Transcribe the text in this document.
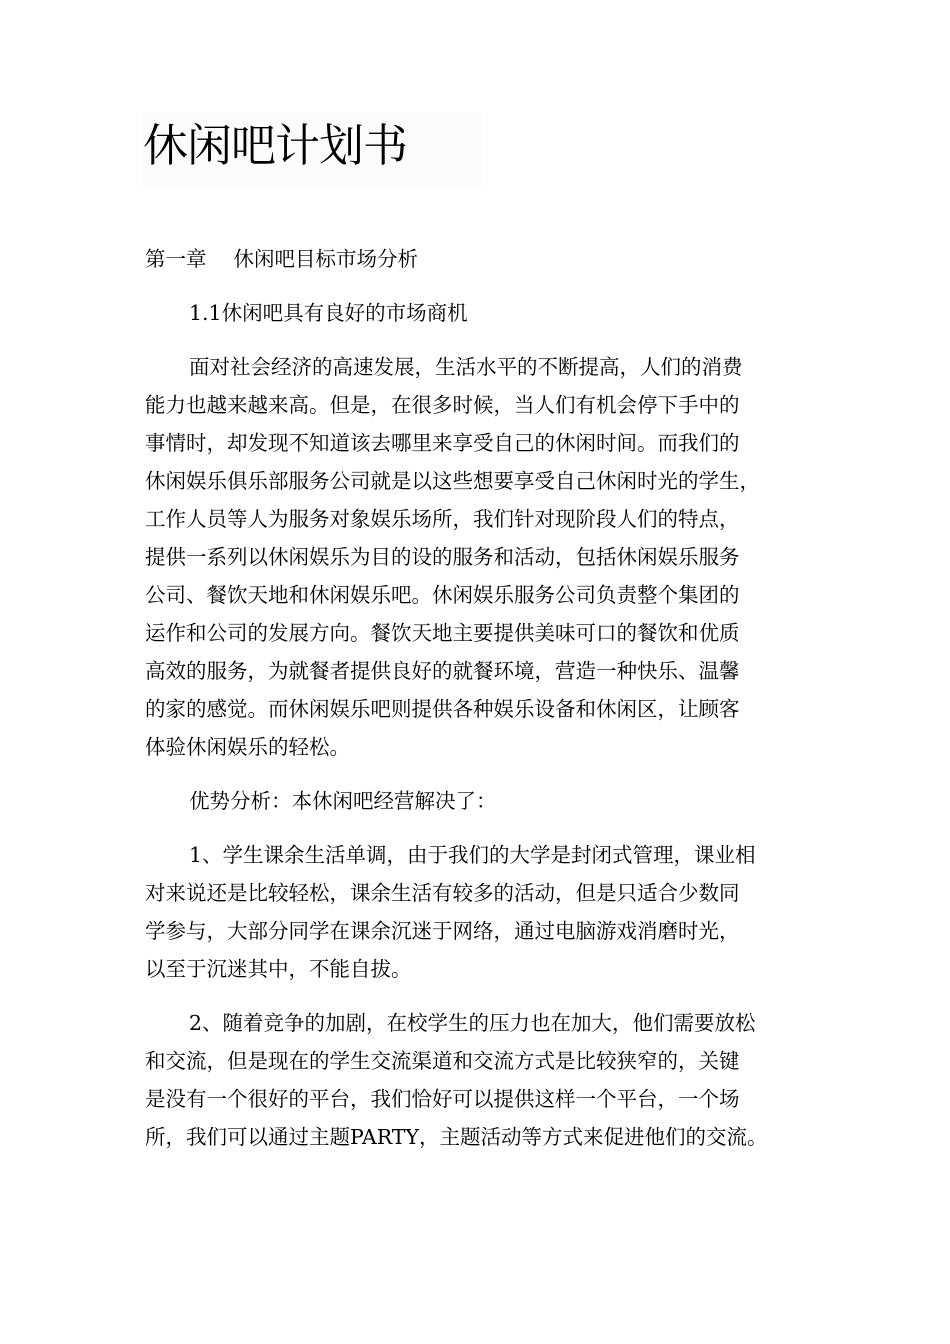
休闲吧计划书

第一章　 休闲吧目标市场分析

1.1休闲吧具有良好的市场商机

面对社会经济的高速发展，生活水平的不断提高，人们的消费
能力也越来越来高。但是，在很多时候，当人们有机会停下手中的
事情时，却发现不知道该去哪里来享受自己的休闲时间。而我们的
休闲娱乐俱乐部服务公司就是以这些想要享受自己休闲时光的学生，
工作人员等人为服务对象娱乐场所，我们针对现阶段人们的特点，
提供一系列以休闲娱乐为目的设的服务和活动，包括休闲娱乐服务
公司、餐饮天地和休闲娱乐吧。休闲娱乐服务公司负责整个集团的
运作和公司的发展方向。餐饮天地主要提供美味可口的餐饮和优质
高效的服务，为就餐者提供良好的就餐环境，营造一种快乐、温馨
的家的感觉。而休闲娱乐吧则提供各种娱乐设备和休闲区，让顾客
体验休闲娱乐的轻松。

优势分析：本休闲吧经营解决了：

1、学生课余生活单调，由于我们的大学是封闭式管理，课业相
对来说还是比较轻松，课余生活有较多的活动，但是只适合少数同
学参与，大部分同学在课余沉迷于网络，通过电脑游戏消磨时光，
以至于沉迷其中，不能自拔。

2、随着竞争的加剧，在校学生的压力也在加大，他们需要放松
和交流，但是现在的学生交流渠道和交流方式是比较狭窄的，关键
是没有一个很好的平台，我们恰好可以提供这样一个平台，一个场
所，我们可以通过主题PARTY，主题活动等方式来促进他们的交流。
